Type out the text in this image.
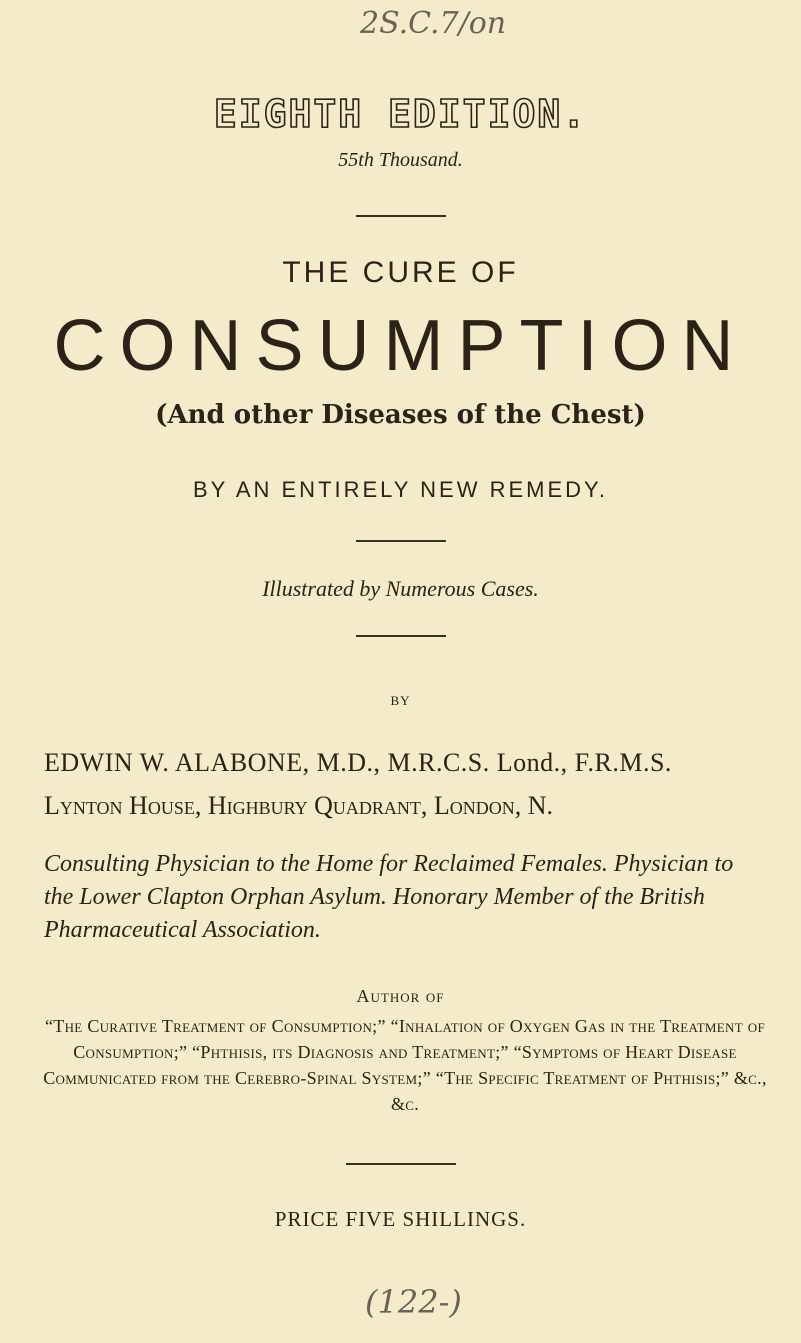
2S.C.7/on
EIGHTH EDITION.
55th Thousand.
THE CURE OF
CONSUMPTION
(And other Diseases of the Chest)
BY AN ENTIRELY NEW REMEDY.
Illustrated by Numerous Cases.
BY
EDWIN W. ALABONE, M.D., M.R.C.S. Lond., F.R.M.S.
Lynton House, Highbury Quadrant, London, N.
Consulting Physician to the Home for Reclaimed Females. Physician to the Lower Clapton Orphan Asylum. Honorary Member of the British Pharmaceutical Association.
Author of
“The Curative Treatment of Consumption;” “Inhalation of Oxygen Gas in the Treatment of Consumption;” “Phthisis, its Diagnosis and Treatment;” “Symptoms of Heart Disease Communicated from the Cerebro-Spinal System;” “The Specific Treatment of Phthisis;” &c., &c.
PRICE FIVE SHILLINGS.
(122-)
